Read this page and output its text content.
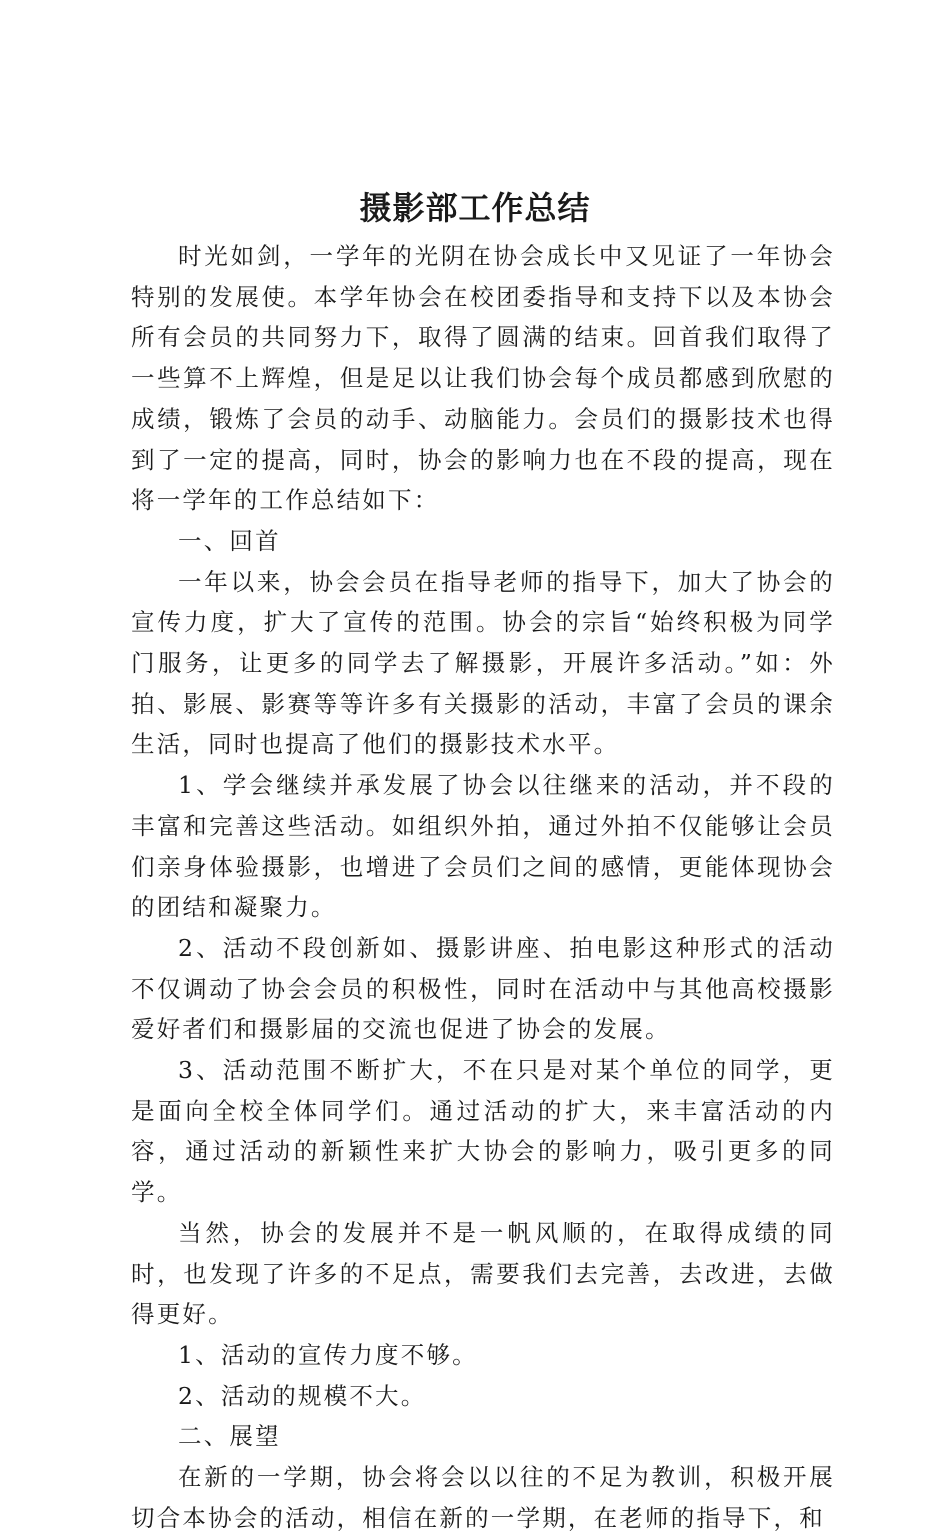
摄影部工作总结

时光如剑，一学年的光阴在协会成长中又见证了一年协会特别的发展使。本学年协会在校团委指导和支持下以及本协会所有会员的共同努力下，取得了圆满的结束。回首我们取得了一些算不上辉煌，但是足以让我们协会每个成员都感到欣慰的成绩，锻炼了会员的动手、动脑能力。会员们的摄影技术也得到了一定的提高，同时，协会的影响力也在不段的提高，现在将一学年的工作总结如下：

一、回首

一年以来，协会会员在指导老师的指导下，加大了协会的宣传力度，扩大了宣传的范围。协会的宗旨“始终积极为同学门服务，让更多的同学去了解摄影，开展许多活动。”如：外拍、影展、影赛等等许多有关摄影的活动，丰富了会员的课余生活，同时也提高了他们的摄影技术水平。

1、学会继续并承发展了协会以往继来的活动，并不段的丰富和完善这些活动。如组织外拍，通过外拍不仅能够让会员们亲身体验摄影，也增进了会员们之间的感情，更能体现协会的团结和凝聚力。

2、活动不段创新如、摄影讲座、拍电影这种形式的活动不仅调动了协会会员的积极性，同时在活动中与其他高校摄影爱好者们和摄影届的交流也促进了协会的发展。

3、活动范围不断扩大，不在只是对某个单位的同学，更是面向全校全体同学们。通过活动的扩大，来丰富活动的内容，通过活动的新颖性来扩大协会的影响力，吸引更多的同学。

当然，协会的发展并不是一帆风顺的，在取得成绩的同时，也发现了许多的不足点，需要我们去完善，去改进，去做得更好。

1、活动的宣传力度不够。

2、活动的规模不大。

二、展望

在新的一学期，协会将会以以往的不足为教训，积极开展切合本协会的活动，相信在新的一学期，在老师的指导下，和
